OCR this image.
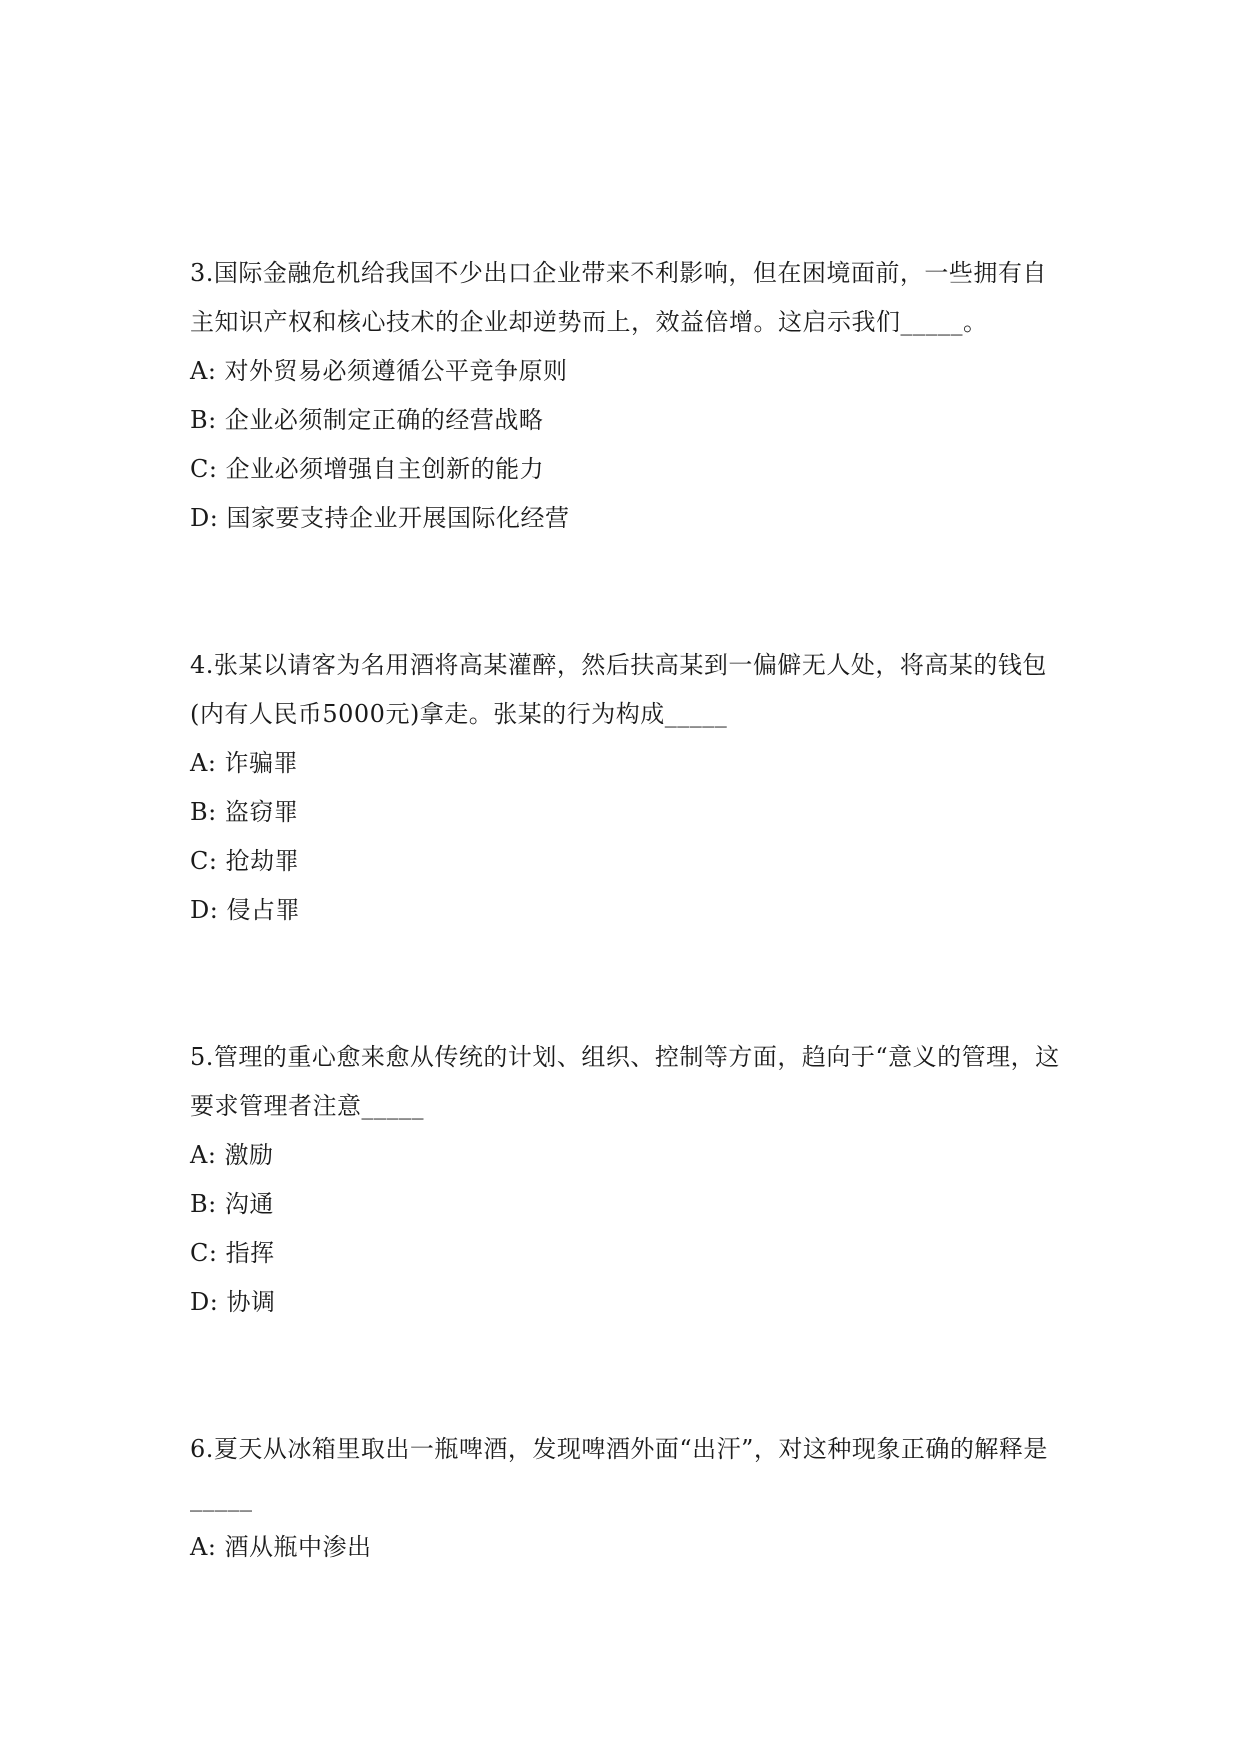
3.国际金融危机给我国不少出口企业带来不利影响，但在困境面前，一些拥有自主知识产权和核心技术的企业却逆势而上，效益倍增。这启示我们_____。

A: 对外贸易必须遵循公平竞争原则

B: 企业必须制定正确的经营战略

C: 企业必须增强自主创新的能力

D: 国家要支持企业开展国际化经营

4.张某以请客为名用酒将高某灌醉，然后扶高某到一偏僻无人处，将高某的钱包(内有人民币5000元)拿走。张某的行为构成_____

A: 诈骗罪

B: 盗窃罪

C: 抢劫罪

D: 侵占罪

5.管理的重心愈来愈从传统的计划、组织、控制等方面，趋向于“意义的管理，这要求管理者注意_____

A: 激励

B: 沟通

C: 指挥

D: 协调

6.夏天从冰箱里取出一瓶啤酒，发现啤酒外面“出汗”，对这种现象正确的解释是_____

A: 酒从瓶中渗出
